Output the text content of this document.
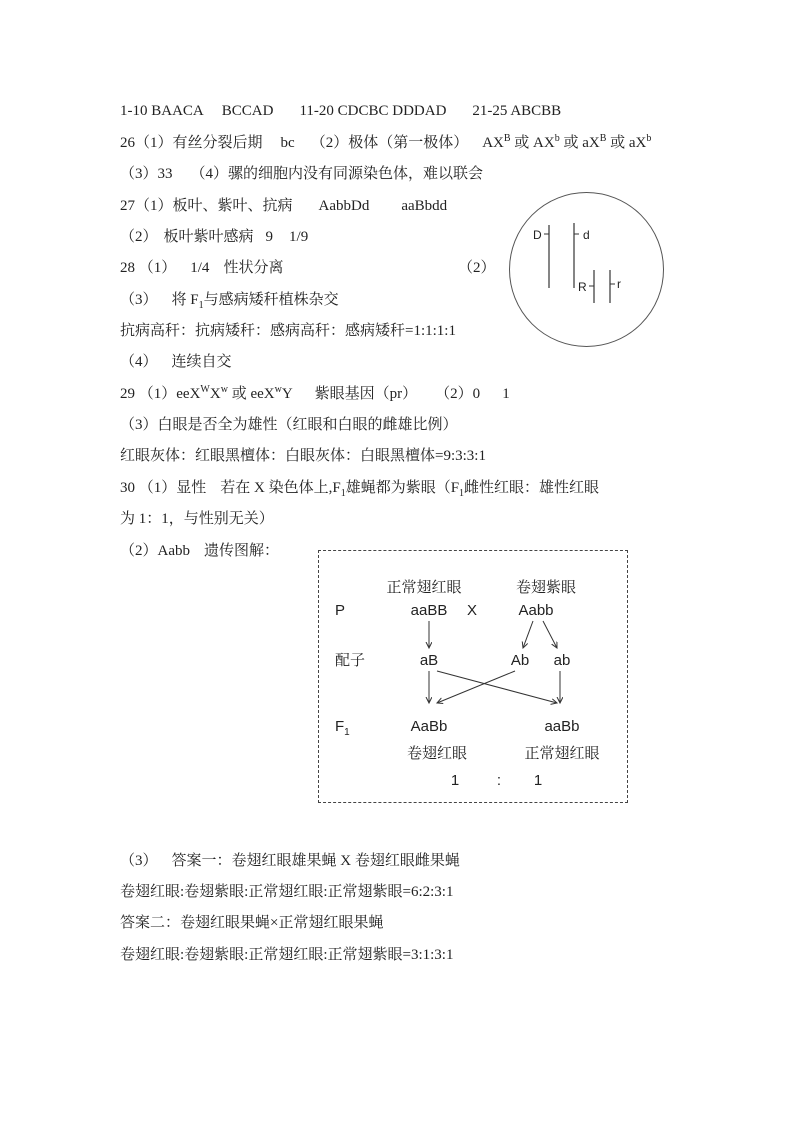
1-10 BAACA BCCAD 11-20 CDCBC DDDAD 21-25 ABCBB
26（1）有丝分裂后期 bc （2）极体（第一极体） $AX^B$ 或 $AX^b$ 或 $aX^B$ 或 $aX^b$
（3）33 （4）骡的细胞内没有同源染色体，难以联会
27（1）板叶、紫叶、抗病 AabbDd aaBbdd
（2） 板叶紫叶感病 9 1/9
28 （1） 1/4 性状分离	（2）
（3） 将 $F_1$与感病矮秆植株杂交
抗病高秆：抗病矮秆：感病高秆：感病矮秆=1:1:1:1
（4） 连续自交
29 $(1)eeX^WX^w$ 或 eeX$^w$Y 紫眼基因（pr） （2）0 1
（3）白眼是否全为雄性（红眼和白眼的雌雄比例）
红眼灰体：红眼黑檀体：白眼灰体：白眼黑檀体=9:3:3:1
30 （1）显性 若在 X 染色体上$,F_1$雄蝇都为紫眼（$F_1$雌性红眼：雄性红眼
为 1：1，与性别无关）
（2）Aabb 遗传图解：
D	d
R	r
正常翅红眼	卷翅紫眼
P	aaBB X	Aabb
配子	aB	Ab ab
$F_1$	AaBb	aaBb
卷翅红眼	正常翅红眼
1	: 1
（3） 答案一：卷翅红眼雄果蝇 X 卷翅红眼雌果蝇
卷翅红眼:卷翅紫眼:正常翅红眼:正常翅紫眼=6:2:3:1
答案二：卷翅红眼果蝇×正常翅红眼果蝇
卷翅红眼:卷翅紫眼:正常翅红眼:正常翅紫眼=3:1:3:1
